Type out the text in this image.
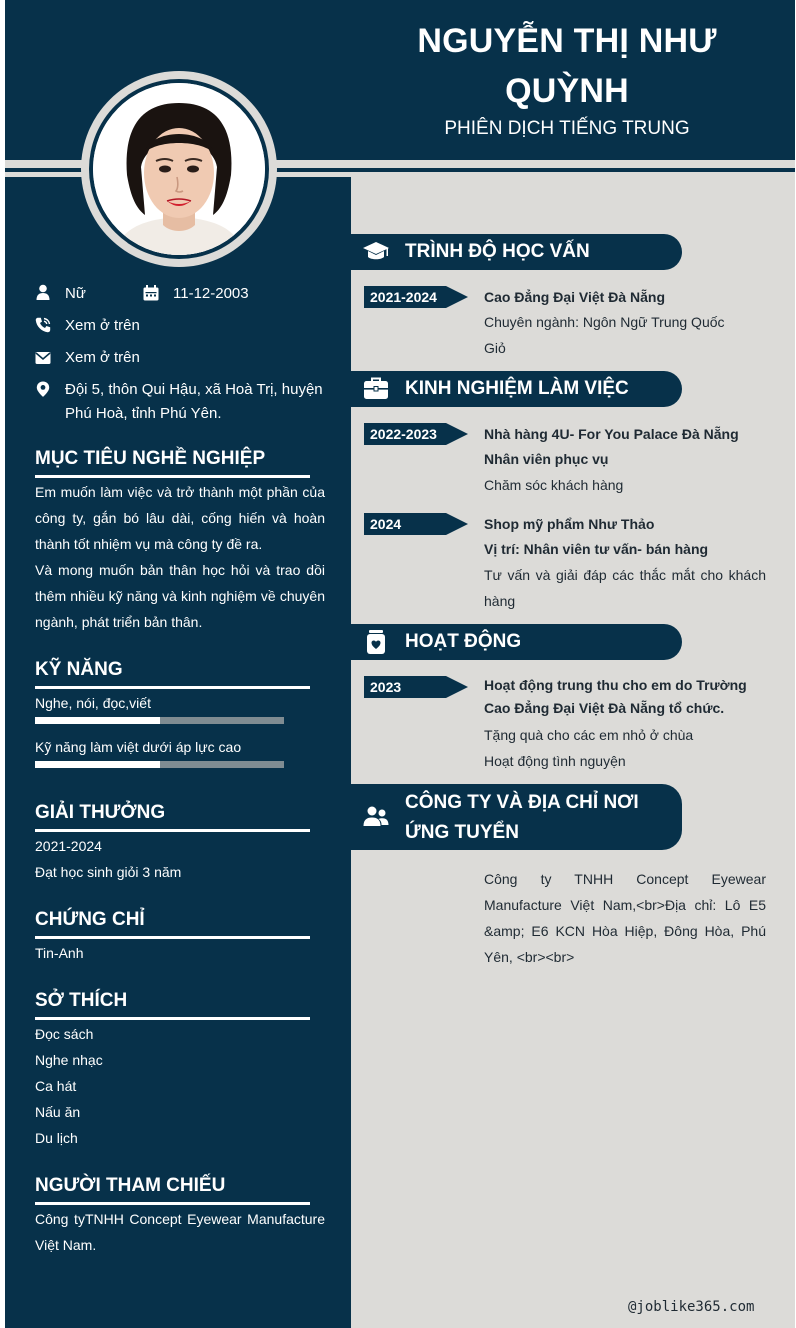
NGUYỄN THỊ NHƯ
QUỲNH
PHIÊN DỊCH TIẾNG TRUNG
Nữ	11-12-2003
Xem ở trên
Xem ở trên
Đội 5, thôn Qui Hậu, xã Hoà Trị, huyện Phú Hoà, tỉnh Phú Yên.
MỤC TIÊU NGHỀ NGHIỆP
Em muốn làm việc và trở thành một phần của công ty, gắn bó lâu dài, cống hiến và hoàn thành tốt nhiệm vụ mà công ty đề ra.
Và mong muốn bản thân học hỏi và trao dồi thêm nhiều kỹ năng và kinh nghiệm về chuyên ngành, phát triển bản thân.
KỸ NĂNG
Nghe, nói, đọc,viết
Kỹ năng làm việt dưới áp lực cao
GIẢI THƯỞNG
2021-2024
Đạt học sinh giỏi 3 năm
CHỨNG CHỈ
Tin-Anh
SỞ THÍCH
Đọc sách
Nghe nhạc
Ca hát
Nấu ăn
Du lịch
NGƯỜI THAM CHIẾU
Công tyTNHH Concept Eyewear Manufacture Việt Nam.
TRÌNH ĐỘ HỌC VẤN
2021-2024	Cao Đẳng Đại Việt Đà Nẵng
Chuyên ngành: Ngôn Ngữ Trung Quốc
Giỏ
KINH NGHIỆM LÀM VIỆC
2022-2023	Nhà hàng 4U- For You Palace Đà Nẵng
Nhân viên phục vụ
Chăm sóc khách hàng
2024	Shop mỹ phẩm Như Thảo
Vị trí: Nhân viên tư vấn- bán hàng
Tư vấn và giải đáp các thắc mắt cho khách hàng
HOẠT ĐỘNG
2023	Hoạt động trung thu cho em do Trường Cao Đẳng Đại Việt Đà Nẵng tổ chức.
Tặng quà cho các em nhỏ ở chùa
Hoạt động tình nguyện
CÔNG TY VÀ ĐỊA CHỈ NƠI ỨNG TUYỂN
Công ty TNHH Concept Eyewear Manufacture Việt Nam,<br>Địa chỉ: Lô E5 &amp; E6 KCN Hòa Hiệp, Đông Hòa, Phú Yên, <br><br>
@joblike365.com
